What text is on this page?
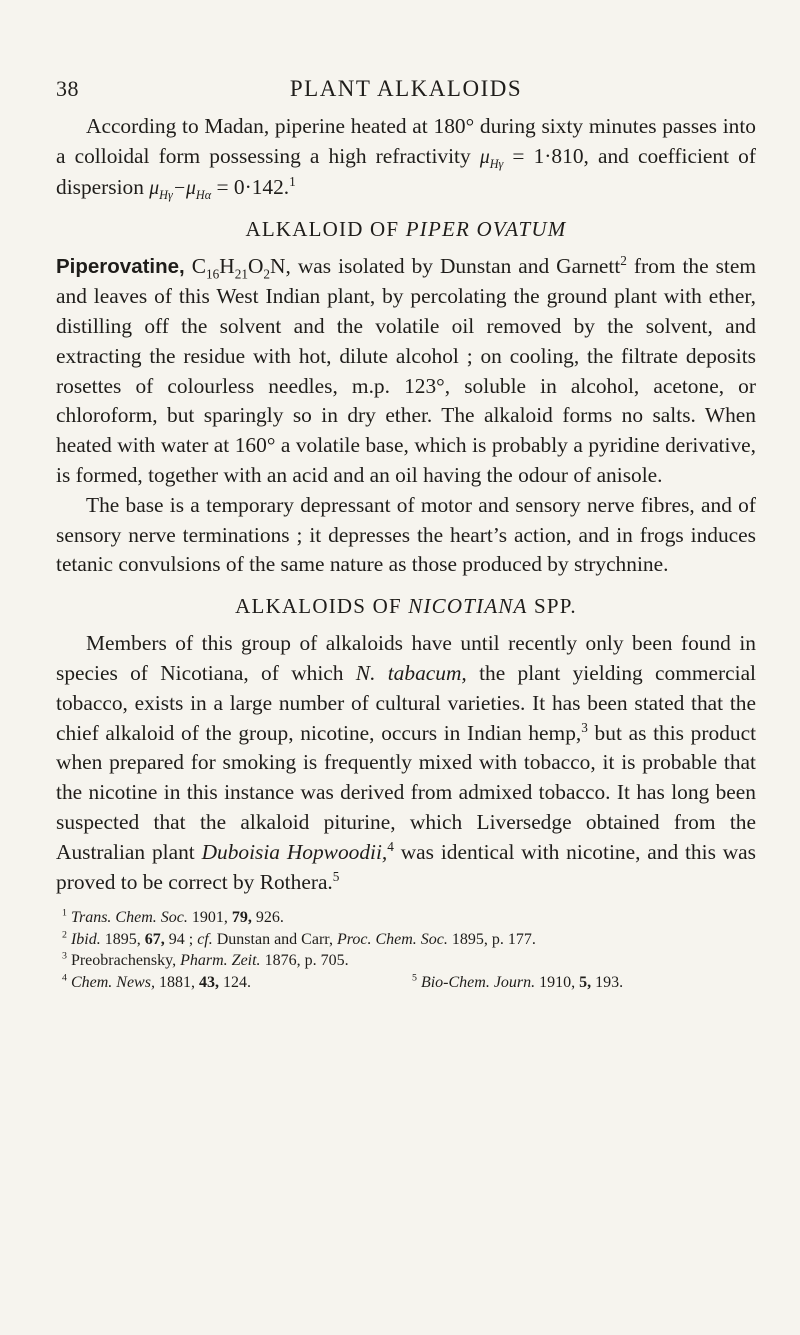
38	PLANT ALKALOIDS

According to Madan, piperine heated at 180° during sixty minutes passes into a colloidal form possessing a high refractivity $\mu_{H\gamma} = 1\cdot 810$, and coefficient of dispersion $\mu_{H\gamma}-\mu_{H\alpha} = 0\cdot 142.^1$

ALKALOID OF PIPER OVATUM

Piperovatine, $C_{16}H_{21}O_2N$, was isolated by Dunstan and Garnett$^2$ from the stem and leaves of this West Indian plant, by percolating the ground plant with ether, distilling off the solvent and the volatile oil removed by the solvent, and extracting the residue with hot, dilute alcohol ; on cooling, the filtrate deposits rosettes of colourless needles, m.p. 123°, soluble in alcohol, acetone, or chloroform, but sparingly so in dry ether. The alkaloid forms no salts. When heated with water at 160° a volatile base, which is probably a pyridine derivative, is formed, together with an acid and an oil having the odour of anisole.

The base is a temporary depressant of motor and sensory nerve fibres, and of sensory nerve terminations ; it depresses the heart’s action, and in frogs induces tetanic convulsions of the same nature as those produced by strychnine.

ALKALOIDS OF NICOTIANA SPP.

Members of this group of alkaloids have until recently only been found in species of Nicotiana, of which N. tabacum, the plant yielding commercial tobacco, exists in a large number of cultural varieties. It has been stated that the chief alkaloid of the group, nicotine, occurs in Indian hemp,$^3$ but as this product when prepared for smoking is frequently mixed with tobacco, it is probable that the nicotine in this instance was derived from admixed tobacco. It has long been suspected that the alkaloid piturine, which Liversedge obtained from the Australian plant Duboisia Hopwoodii,$^4$ was identical with nicotine, and this was proved to be correct by Rothera.$^5$

$^1$ Trans. Chem. Soc. 1901, 79, 926.
$^2$ Ibid. 1895, 67, 94 ; cf. Dunstan and Carr, Proc. Chem. Soc. 1895, p. 177.
$^3$ Preobrachensky, Pharm. Zeit. 1876, p. 705.
$^4$ Chem. News, 1881, 43, 124.	$^5$ Bio-Chem. Journ. 1910, 5, 193.
